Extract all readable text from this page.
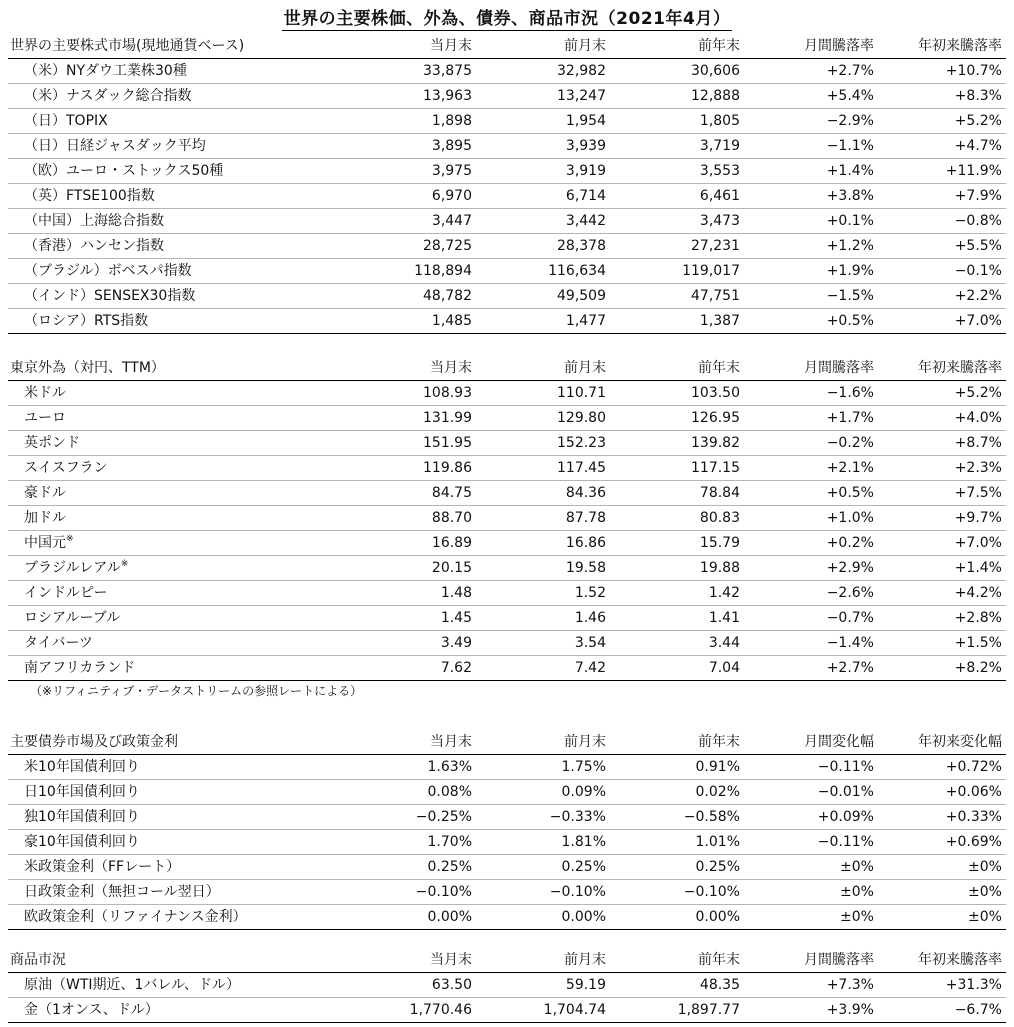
世界の主要株価、外為、債券、商品市況（2021年4月）
世界の主要株式市場(現地通貨ベース)	当月末	前月末	前年末	月間騰落率	年初来騰落率
（米）NYダウ工業株30種	33,875	32,982	30,606	+2.7%	+10.7%
（米）ナスダック総合指数	13,963	13,247	12,888	+5.4%	+8.3%
（日）TOPIX	1,898	1,954	1,805	−2.9%	+5.2%
（日）日経ジャスダック平均	3,895	3,939	3,719	−1.1%	+4.7%
（欧）ユーロ・ストックス50種	3,975	3,919	3,553	+1.4%	+11.9%
（英）FTSE100指数	6,970	6,714	6,461	+3.8%	+7.9%
（中国）上海総合指数	3,447	3,442	3,473	+0.1%	−0.8%
（香港）ハンセン指数	28,725	28,378	27,231	+1.2%	+5.5%
（ブラジル）ボベスパ指数	118,894	116,634	119,017	+1.9%	−0.1%
（インド）SENSEX30指数	48,782	49,509	47,751	−1.5%	+2.2%
（ロシア）RTS指数	1,485	1,477	1,387	+0.5%	+7.0%
東京外為（対円、TTM）	当月末	前月末	前年末	月間騰落率	年初来騰落率
米ドル	108.93	110.71	103.50	−1.6%	+5.2%
ユーロ	131.99	129.80	126.95	+1.7%	+4.0%
英ポンド	151.95	152.23	139.82	−0.2%	+8.7%
スイスフラン	119.86	117.45	117.15	+2.1%	+2.3%
豪ドル	84.75	84.36	78.84	+0.5%	+7.5%
加ドル	88.70	87.78	80.83	+1.0%	+9.7%
中国元※	16.89	16.86	15.79	+0.2%	+7.0%
ブラジルレアル※	20.15	19.58	19.88	+2.9%	+1.4%
インドルピー	1.48	1.52	1.42	−2.6%	+4.2%
ロシアルーブル	1.45	1.46	1.41	−0.7%	+2.8%
タイバーツ	3.49	3.54	3.44	−1.4%	+1.5%
南アフリカランド	7.62	7.42	7.04	+2.7%	+8.2%
（※リフィニティブ・データストリームの参照レートによる）					
主要債券市場及び政策金利	当月末	前月末	前年末	月間変化幅	年初来変化幅
米10年国債利回り	1.63%	1.75%	0.91%	−0.11%	+0.72%
日10年国債利回り	0.08%	0.09%	0.02%	−0.01%	+0.06%
独10年国債利回り	−0.25%	−0.33%	−0.58%	+0.09%	+0.33%
豪10年国債利回り	1.70%	1.81%	1.01%	−0.11%	+0.69%
米政策金利（FFレート）	0.25%	0.25%	0.25%	±0%	±0%
日政策金利（無担コール翌日）	−0.10%	−0.10%	−0.10%	±0%	±0%
欧政策金利（リファイナンス金利）	0.00%	0.00%	0.00%	±0%	±0%
商品市況	当月末	前月末	前年末	月間騰落率	年初来騰落率
原油（WTI期近、1バレル、ドル）	63.50	59.19	48.35	+7.3%	+31.3%
金（1オンス、ドル）	1,770.46	1,704.74	1,897.77	+3.9%	−6.7%
